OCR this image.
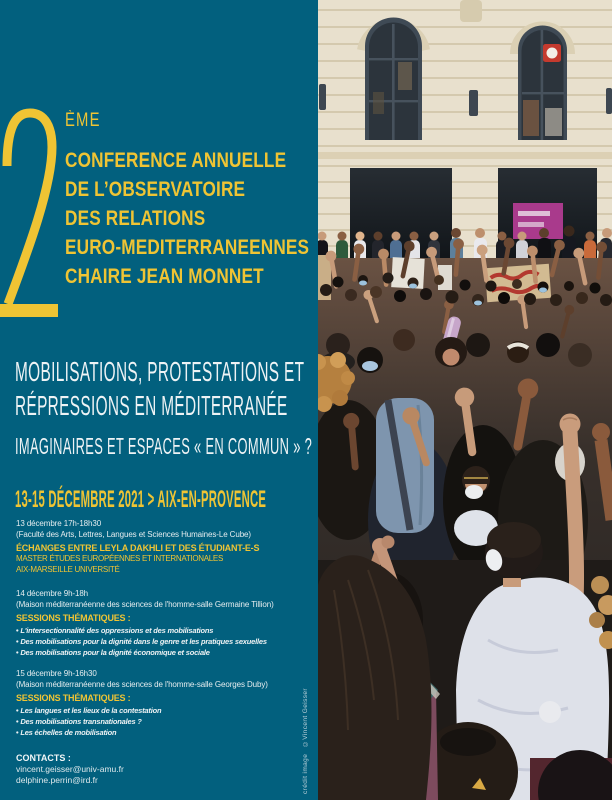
ÈME
CONFERENCE ANNUELLE
DE L’OBSERVATOIRE
DES RELATIONS
EURO-MEDITERRANEENNES
CHAIRE JEAN MONNET
MOBILISATIONS, PROTESTATIONS ET
RÉPRESSIONS EN MÉDITERRANÉE
IMAGINAIRES ET ESPACES « EN COMMUN » ?
13-15 DÉCEMBRE 2021 > AIX-EN-PROVENCE

13 décembre 17h-18h30

(Faculté des Arts, Lettres, Langues et Sciences Humaines-Le Cube)

ÉCHANGES ENTRE LEYLA DAKHLI ET DES ÉTUDIANT-E-S

MASTER ÉTUDES EUROPÉENNES ET INTERNATIONALES

AIX-MARSEILLE UNIVERSITÉ

14 décembre 9h-18h

(Maison méditerranéenne des sciences de l'homme-salle Germaine Tillion)

SESSIONS THÉMATIQUES :

• L'intersectionnalité des oppressions et des mobilisations
• Des mobilisations pour la dignité dans le genre et les pratiques sexuelles
• Des mobilisations pour la dignité économique et sociale

15 décembre 9h-16h30

(Maison méditerranéenne des sciences de l'homme-salle Georges Duby)

SESSIONS THÉMATIQUES :

• Les langues et les lieux de la contestation
• Des mobilisations transnationales ?
• Les échelles de mobilisation

CONTACTS :

vincent.geisser@univ-amu.fr

delphine.perrin@ird.fr	crédit image   ©Vincent Geisser
